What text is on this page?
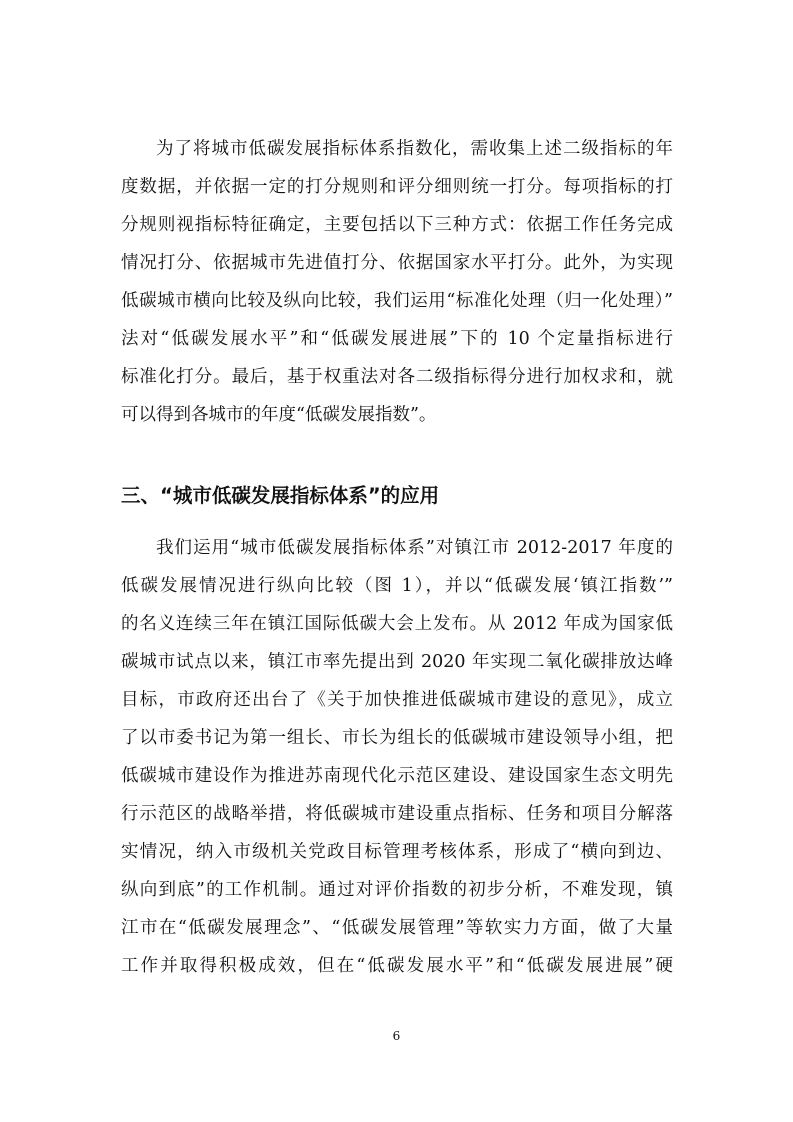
为了将城市低碳发展指标体系指数化，需收集上述二级指标的年
度数据，并依据一定的打分规则和评分细则统一打分。每项指标的打
分规则视指标特征确定，主要包括以下三种方式：依据工作任务完成
情况打分、依据城市先进值打分、依据国家水平打分。此外，为实现
低碳城市横向比较及纵向比较，我们运用“标准化处理（归一化处理）”
法对“低碳发展水平”和“低碳发展进展”下的 10 个定量指标进行
标准化打分。最后，基于权重法对各二级指标得分进行加权求和，就
可以得到各城市的年度“低碳发展指数”。
三、“城市低碳发展指标体系”的应用
我们运用“城市低碳发展指标体系”对镇江市 2012-2017 年度的
低碳发展情况进行纵向比较（图 1），并以“低碳发展‘镇江指数’”
的名义连续三年在镇江国际低碳大会上发布。从 2012 年成为国家低
碳城市试点以来，镇江市率先提出到 2020 年实现二氧化碳排放达峰
目标，市政府还出台了《关于加快推进低碳城市建设的意见》，成立
了以市委书记为第一组长、市长为组长的低碳城市建设领导小组，把
低碳城市建设作为推进苏南现代化示范区建设、建设国家生态文明先
行示范区的战略举措，将低碳城市建设重点指标、任务和项目分解落
实情况，纳入市级机关党政目标管理考核体系，形成了“横向到边、
纵向到底”的工作机制。通过对评价指数的初步分析，不难发现，镇
江市在“低碳发展理念”、“低碳发展管理”等软实力方面，做了大量
工作并取得积极成效，但在“低碳发展水平”和“低碳发展进展”硬
6
